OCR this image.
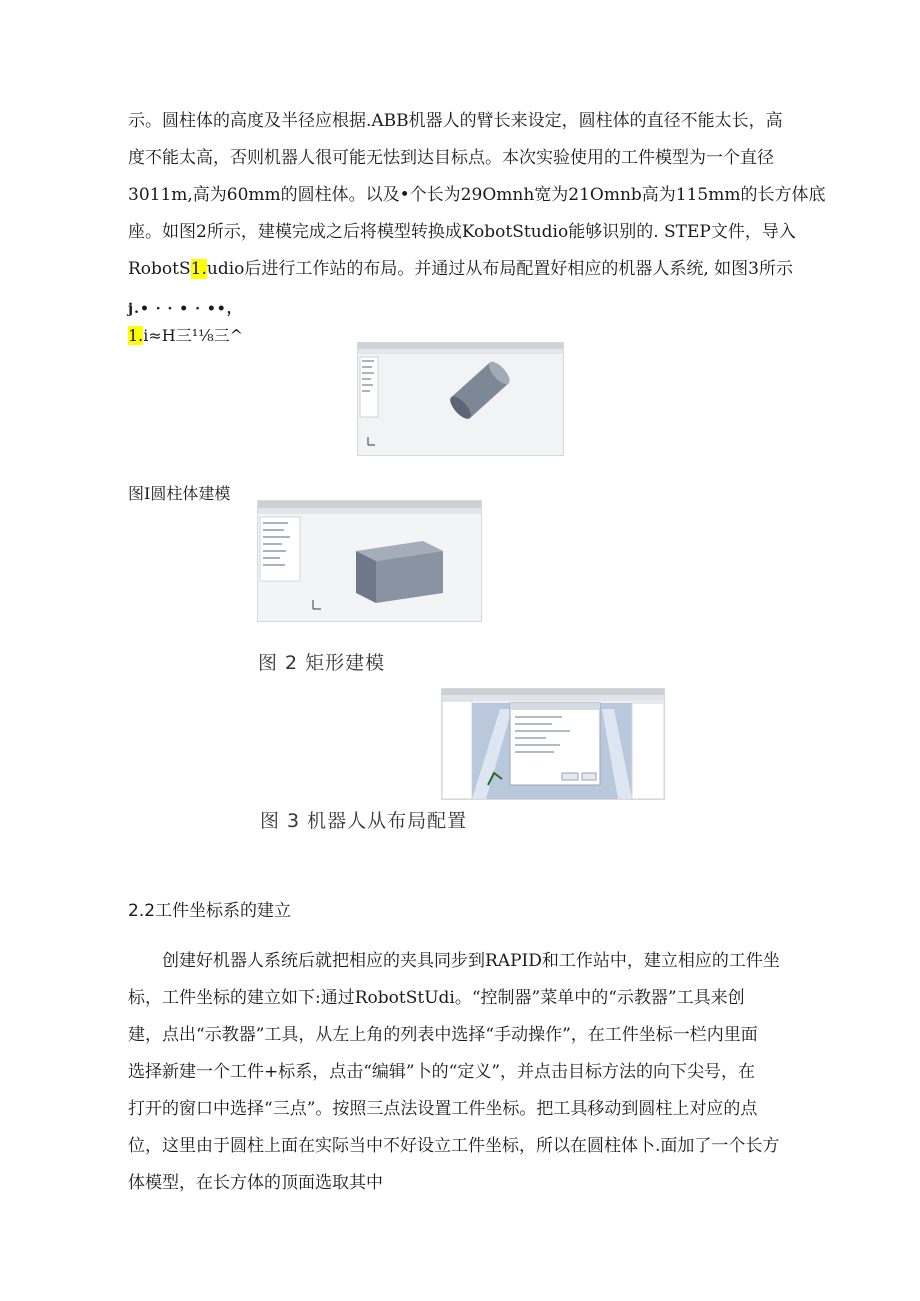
示。圆柱体的高度及半径应根据.ABB机器人的臂长来设定，圆柱体的直径不能太长，高
度不能太高，否则机器人很可能无怯到达目标点。本次实验使用的工件模型为一个直径
3011m,高为60mm的圆柱体。以及•个长为29Omnh宽为21Omnb高为115mm的长方体底
座。如图2所示，建模完成之后将模型转换成KobotStudio能够识别的. STEP文件，导入
RobotS1.udio后进行工作站的布局。并通过从布局配置好相应的机器人系统, 如图3所示
j.• · · • · ••，
1.i≈H三¹⅛三^
图I圆柱体建模
图 2 矩形建模
图 3 机器人从布局配置
2.2工件坐标系的建立
创建好机器人系统后就把相应的夹具同步到RAPID和工作站中，建立相应的工件坐
标，工件坐标的建立如下:通过RobotStUdi。“控制器”菜单中的“示教器”工具来创
建，点出“示教器”工具，从左上角的列表中选择“手动操作”，在工件坐标一栏内里面
选择新建一个工件+标系，点击“编辑”卜的“定义”，并点击目标方法的向下尖号，在
打开的窗口中选择“三点”。按照三点法设置工件坐标。把工具移动到圆柱上对应的点
位，这里由于圆柱上面在实际当中不好设立工件坐标，所以在圆柱体卜.面加了一个长方
体模型，在长方体的顶面选取其中
